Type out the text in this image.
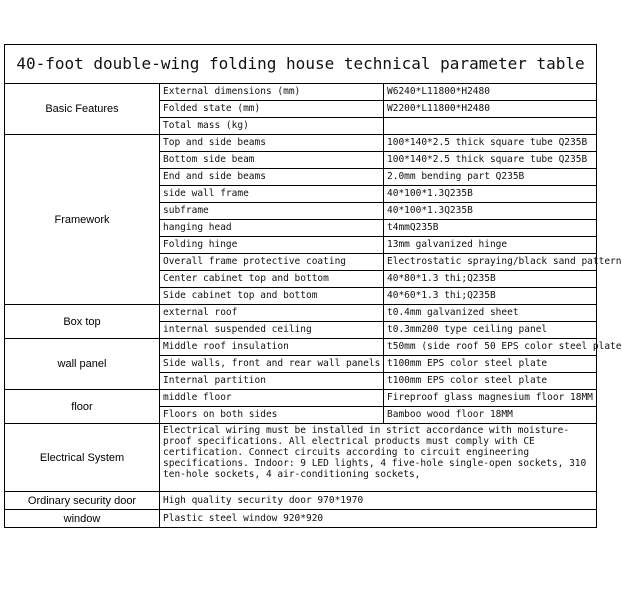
40-foot double-wing folding house technical parameter table		
Basic Features	External dimensions (mm)	W6240*L11800*H2480
	Folded state (mm)	W2200*L11800*H2480
	Total mass (kg)	
Framework	Top and side beams	100*140*2.5 thick square tube Q235B
	Bottom side beam	100*140*2.5 thick square tube Q235B
	End and side beams	2.0mm bending part Q235B
	side wall frame	40*100*1.3Q235B
	subframe	40*100*1.3Q235B
	hanging head	t4mmQ235B
	Folding hinge	13mm galvanized hinge
	Overall frame protective coating	Electrostatic spraying/black sand pattern
	Center cabinet top and bottom	40*80*1.3 thi;Q235B
	Side cabinet top and bottom	40*60*1.3 thi;Q235B
Box top	external roof	t0.4mm galvanized sheet
	internal suspended ceiling	t0.3mm200 type ceiling panel
wall panel	Middle roof insulation	t50mm (side roof 50 EPS color steel plate
	Side walls, front and rear wall panels	t100mm EPS color steel plate
	Internal partition	t100mm EPS color steel plate
floor	middle floor	Fireproof glass magnesium floor 18MM
	Floors on both sides	Bamboo wood floor 18MM
Electrical System	Electrical wiring must be installed in strict accordance with moisture-proof specifications. All electrical products must comply with CE certification. Connect circuits according to circuit engineering specifications. Indoor: 9 LED lights, 4 five-hole single-open sockets, 310 ten-hole sockets, 4 air-conditioning sockets,	
Ordinary security door	High quality security door 970*1970	
window	Plastic steel window 920*920	
